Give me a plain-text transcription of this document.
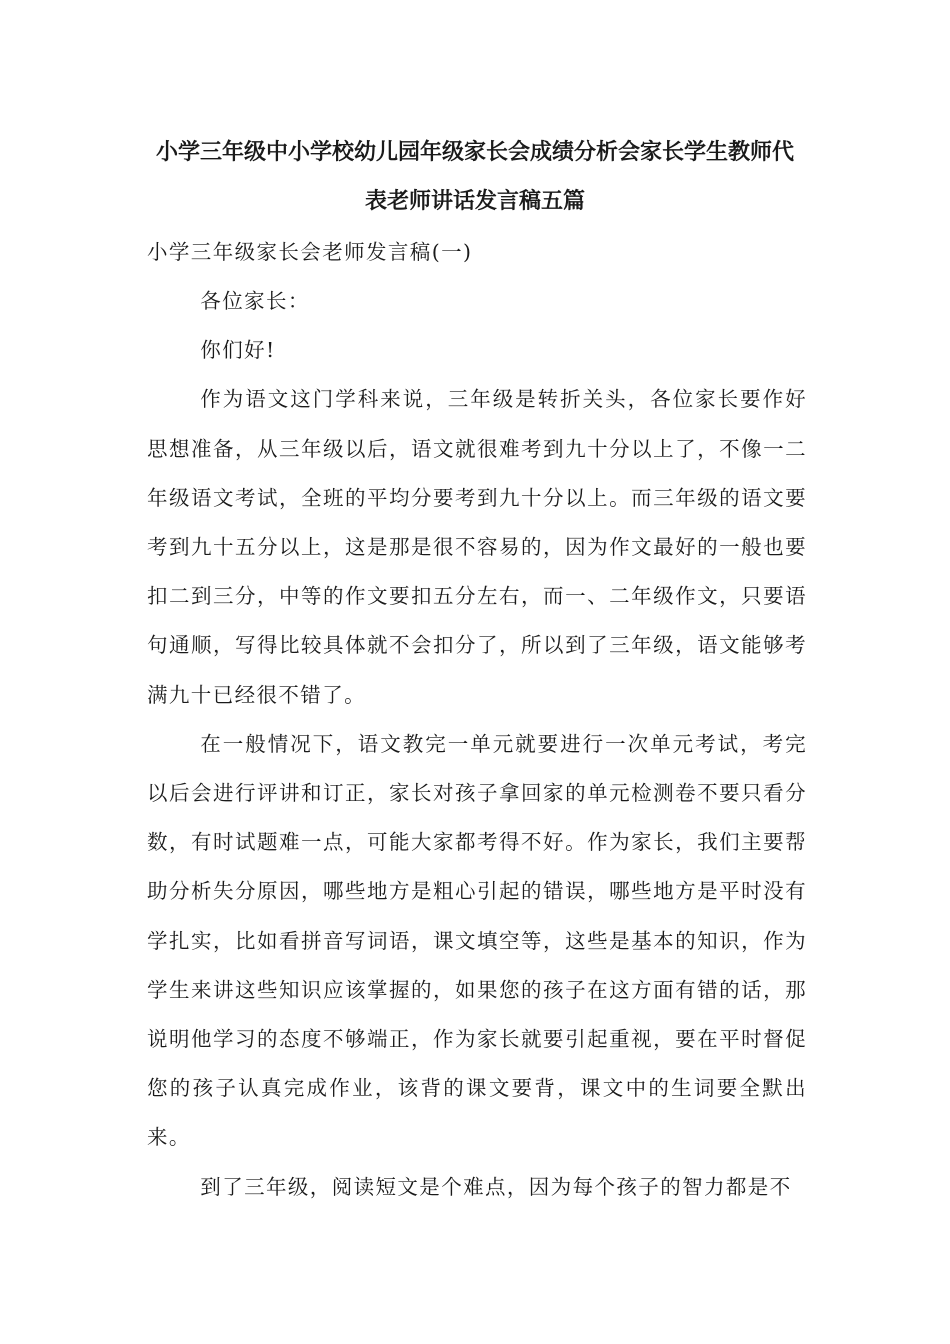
小学三年级中小学校幼儿园年级家长会成绩分析会家长学生教师代
表老师讲话发言稿五篇
小学三年级家长会老师发言稿(一)

各位家长：

你们好!

作为语文这门学科来说，三年级是转折关头，各位家长要作好思想准备，从三年级以后，语文就很难考到九十分以上了，不像一二年级语文考试，全班的平均分要考到九十分以上。而三年级的语文要考到九十五分以上，这是那是很不容易的，因为作文最好的一般也要扣二到三分，中等的作文要扣五分左右，而一、二年级作文，只要语句通顺，写得比较具体就不会扣分了，所以到了三年级，语文能够考满九十已经很不错了。

在一般情况下，语文教完一单元就要进行一次单元考试，考完以后会进行评讲和订正，家长对孩子拿回家的单元检测卷不要只看分数，有时试题难一点，可能大家都考得不好。作为家长，我们主要帮助分析失分原因，哪些地方是粗心引起的错误，哪些地方是平时没有学扎实，比如看拼音写词语，课文填空等，这些是基本的知识，作为学生来讲这些知识应该掌握的，如果您的孩子在这方面有错的话，那说明他学习的态度不够端正，作为家长就要引起重视，要在平时督促您的孩子认真完成作业，该背的课文要背，课文中的生词要全默出来。

到了三年级，阅读短文是个难点，因为每个孩子的智力都是不
